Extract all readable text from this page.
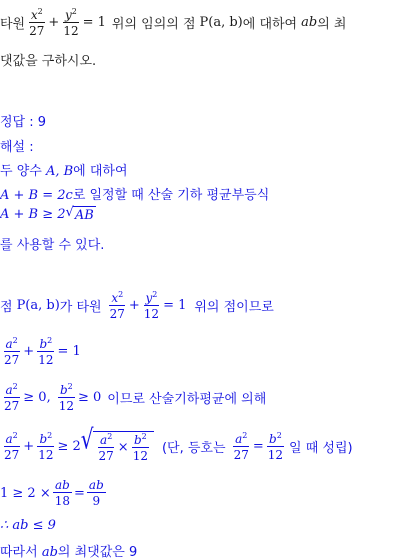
타원 $\frac{x^2}{27} + \frac{y^2}{12} = 1$ 위의 임의의 점 P(a, b) 에 대하여 ab 의 최
댓값을 구하시오.
정답 : 9
해설 :
두 양수 A, B에 대하여
A + B = 2c로 일정할 때 산술 기하 평균부등식
A + B ≥ 2 √ AB
를 사용할 수 있다.
점 P(a, b) 가 타원 $\frac{x^2}{27} + \frac{y^2}{12} = 1$ 위의 점이므로
$\frac{a^2}{27} + \frac{b^2}{12} = 1$
$\frac{a^2}{27} \ge 0$, $\frac{b^2}{12} \ge 0$ 이므로 산술기하평균에 의해
$\frac{a^2}{27} + \frac{b^2}{12} \ge 2$ √ $\frac{a^2}{27} \times \frac{b^2}{12}$ (단, 등호는 $\frac{a^2}{27} = \frac{b^2}{12}$ 일 때 성립)
$1 \ge 2 \times \frac{ab}{18} = \frac{ab}{9}$
∴ ab ≤ 9
따라서 ab의 최댓값은 9
